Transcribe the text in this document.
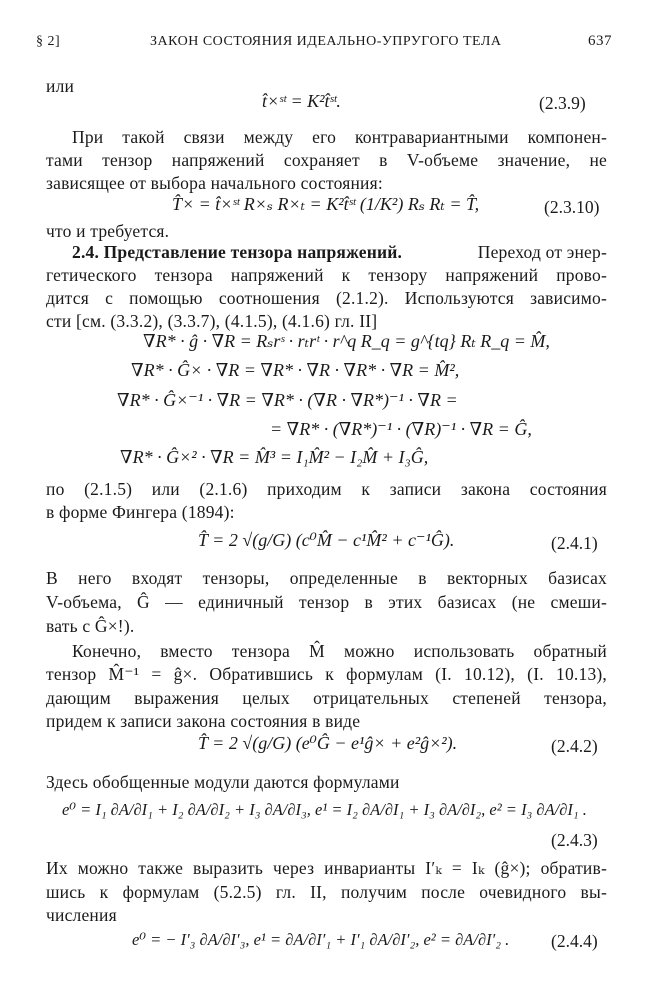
§ 2]	ЗАКОН СОСТОЯНИЯ ИДЕАЛЬНО-УПРУГОГО ТЕЛА	637
или
t̂×ˢᵗ = K²t̂ˢᵗ.	(2.3.9)
При такой связи между его контравариантными компонен-
тами тензор напряжений сохраняет в V-объеме значение, не
зависящее от выбора начального состояния:
T̂× = t̂×ˢᵗ R×ₛ R×ₜ = K²t̂ˢᵗ (1/K²) Rₛ Rₜ = T̂,	(2.3.10)
что и требуется.
2.4. Представление тензора напряжений.	Переход от энер-
гетического тензора напряжений к тензору напряжений прово-
дится с помощью соотношения (2.1.2). Используются зависимо-
сти [см. (3.3.2), (3.3.7), (4.1.5), (4.1.6) гл. II]
∇R* · ĝ · ∇R = Rₛrˢ · rₜrᵗ · r^q R_q = g^{tq} Rₜ R_q = M̂,
∇R* · Ĝ× · ∇R = ∇R* · ∇R · ∇R* · ∇R = M̂²,
∇R* · Ĝ×⁻¹ · ∇R = ∇R* · (∇R · ∇R*)⁻¹ · ∇R =
= ∇R* · (∇R*)⁻¹ · (∇R)⁻¹ · ∇R = Ĝ,
∇R* · Ĝ×² · ∇R = M̂³ = I₁M̂² − I₂M̂ + I₃Ĝ,
по (2.1.5) или (2.1.6) приходим к записи закона состояния
в форме Фингера (1894):
T̂ = 2 √(g/G) (c⁰M̂ − c¹M̂² + c⁻¹Ĝ).	(2.4.1)
В него входят тензоры, определенные в векторных базисах
V-объема, Ĝ — единичный тензор в этих базисах (не смеши-
вать с Ĝ×!).
Конечно, вместо тензора M̂ можно использовать обратный
тензор M̂⁻¹ = ĝ×. Обратившись к формулам (I. 10.12), (I. 10.13),
дающим выражения целых отрицательных степеней тензора,
придем к записи закона состояния в виде
T̂ = 2 √(g/G) (e⁰Ĝ − e¹ĝ× + e²ĝ×²).	(2.4.2)
Здесь обобщенные модули даются формулами
e⁰ = I₁ ∂A/∂I₁ + I₂ ∂A/∂I₂ + I₃ ∂A/∂I₃, e¹ = I₂ ∂A/∂I₁ + I₃ ∂A/∂I₂, e² = I₃ ∂A/∂I₁ .
(2.4.3)
Их можно также выразить через инварианты I′ₖ = Iₖ (ĝ×); обратив-
шись к формулам (5.2.5) гл. II, получим после очевидного вы-
числения
e⁰ = − I′₃ ∂A/∂I′₃, e¹ = ∂A/∂I′₁ + I′₁ ∂A/∂I′₂, e² = ∂A/∂I′₂ . (2.4.4)
